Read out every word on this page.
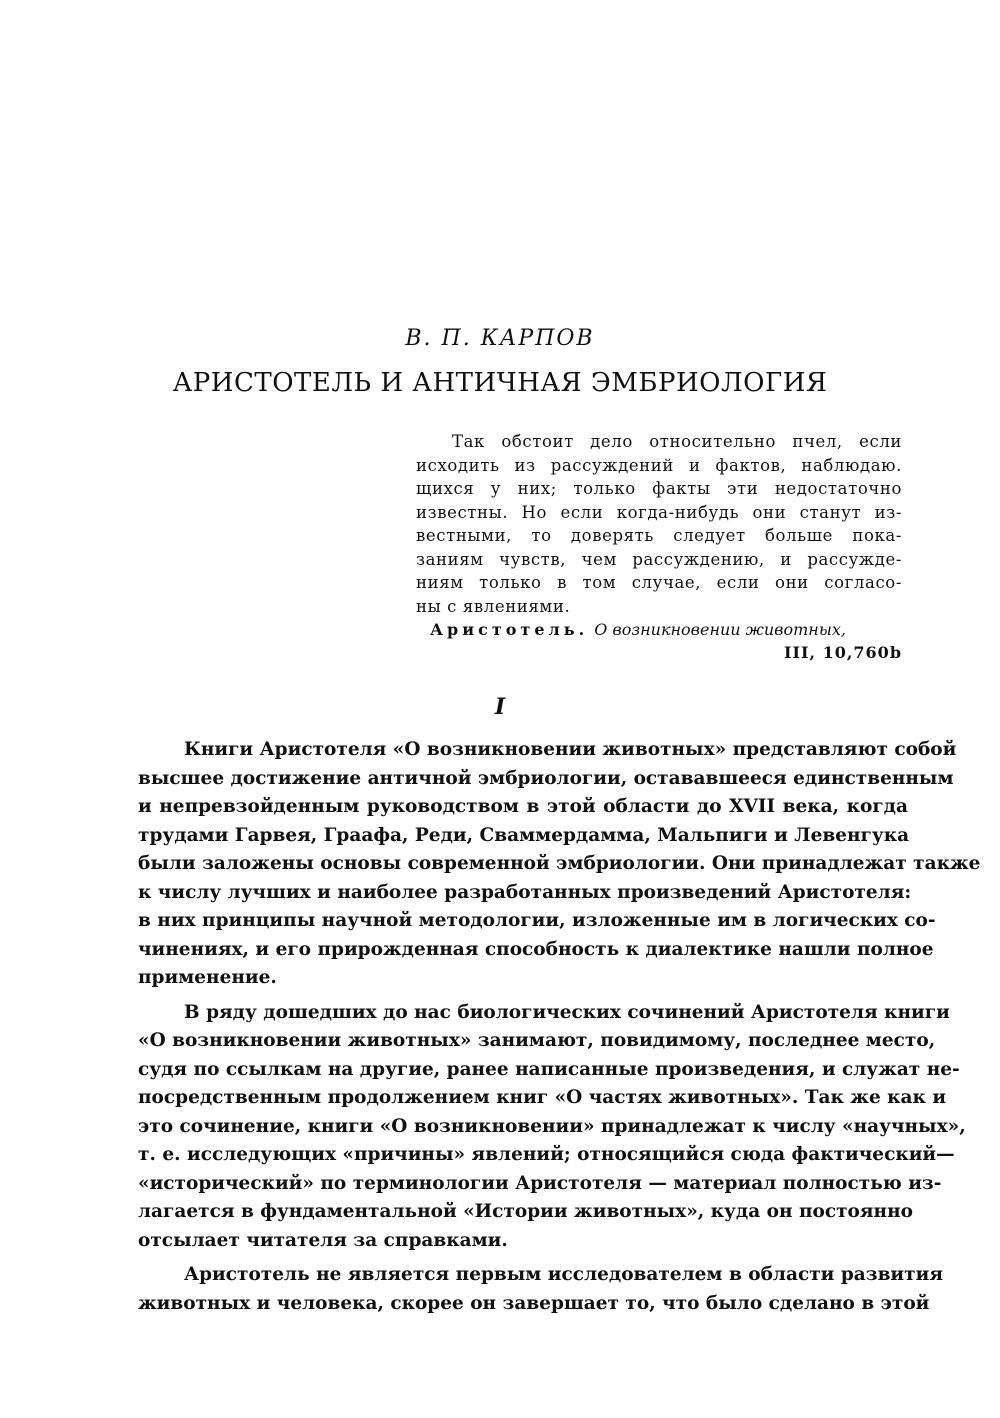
В. П. КАРПОВ
АРИСТОТЕЛЬ И АНТИЧНАЯ ЭМБРИОЛОГИЯ
Так обстоит дело относительно пчел, если
исходить из рассуждений и фактов, наблюдаю.
щихся у них; только факты эти недостаточно
известны. Но если когда-нибудь они станут из-
вестными, то доверять следует больше пока-
заниям чувств, чем рассуждению, и рассужде-
ниям только в том случае, если они согласо-
ны с явлениями.
Аристотель. О возникновении животных,
III, 10,760b
I
Книги Аристотеля «О возникновении животных» представляют собой
высшее достижение античной эмбриологии, остававшееся единственным
и непревзойденным руководством в этой области до XVII века, когда
трудами Гарвея, Граафа, Реди, Сваммердамма, Мальпиги и Левенгука
были заложены основы современной эмбриологии. Они принадлежат также
к числу лучших и наиболее разработанных произведений Аристотеля:
в них принципы научной методологии, изложенные им в логических со-
чинениях, и его прирожденная способность к диалектике нашли полное
применение.
В ряду дошедших до нас биологических сочинений Аристотеля книги
«О возникновении животных» занимают, повидимому, последнее место,
судя по ссылкам на другие, ранее написанные произведения, и служат не-
посредственным продолжением книг «О частях животных». Так же как и
это сочинение, книги «О возникновении» принадлежат к числу «научных»,
т. е. исследующих «причины» явлений; относящийся сюда фактический—
«исторический» по терминологии Аристотеля — материал полностью из-
лагается в фундаментальной «Истории животных», куда он постоянно
отсылает читателя за справками.
Аристотель не является первым исследователем в области развития
животных и человека, скорее он завершает то, что было сделано в этой
